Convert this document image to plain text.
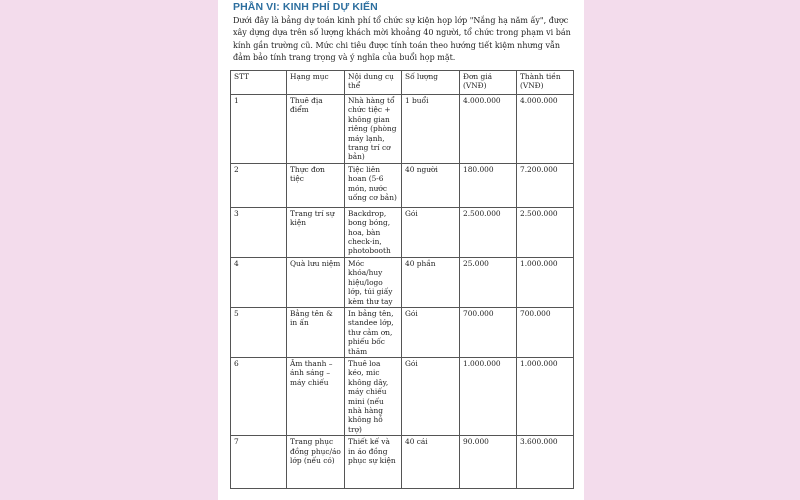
PHẦN VI: KINH PHÍ DỰ KIẾN

Dưới đây là bảng dự toán kinh phí tổ chức sự kiện họp lớp "Nắng hạ năm ấy", được xây dựng dựa trên số lượng khách mời khoảng 40 người, tổ chức trong phạm vi bán kính gần trường cũ. Mức chi tiêu được tính toán theo hướng tiết kiệm nhưng vẫn đảm bảo tính trang trọng và ý nghĩa của buổi họp mặt.

STT	Hạng mục	Nội dung cụ thể	Số lượng	Đơn giá (VNĐ)	Thành tiền (VNĐ)
1	Thuê địa điểm	Nhà hàng tổ chức tiệc + không gian riêng (phòng máy lạnh, trang trí cơ bản)	1 buổi	4.000.000	4.000.000
2	Thực đơn tiệc	Tiệc liên hoan (5-6 món, nước uống cơ bản)	40 người	180.000	7.200.000
3	Trang trí sự kiện	Backdrop, bong bóng, hoa, bàn check-in, photobooth	Gói	2.500.000	2.500.000
4	Quà lưu niệm	Móc khóa/huy hiệu/logo lớp, túi giấy kèm thư tay	40 phần	25.000	1.000.000
5	Bảng tên & in ấn	In bảng tên, standee lớp, thư cảm ơn, phiếu bốc thăm	Gói	700.000	700.000
6	Âm thanh – ánh sáng – máy chiếu	Thuê loa kéo, mic không dây, máy chiếu mini (nếu nhà hàng không hỗ trợ)	Gói	1.000.000	1.000.000
7	Trang phục đồng phục/áo lớp (nếu có)	Thiết kế và in áo đồng phục sự kiện	40 cái	90.000	3.600.000
